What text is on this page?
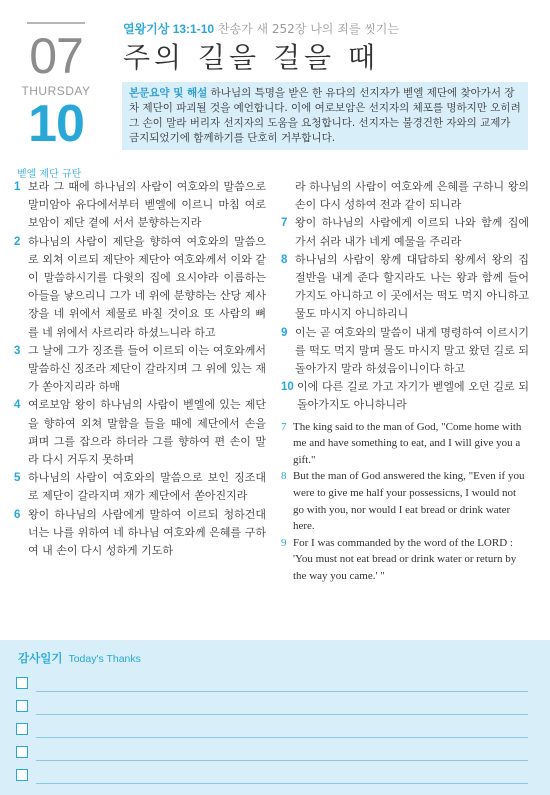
07
THURSDAY
10
열왕기상 13:1-10 찬송가 새 252장 나의 죄를 씻기는
주의 길을 걸을 때
본문요약 및 해설 하나님의 특명을 받은 한 유다의 선지자가 벧엘 제단에 찾아가서 장차 제단이 파괴될 것을 예언합니다. 이에 여로보암은 선지자의 체포를 명하지만 오히려 그 손이 말라 버리자 선지자의 도움을 요청합니다. 선지자는 불경건한 자와의 교제가 금지되었기에 함께하기를 단호히 거부합니다.
벧엘 제단 규탄
1 보라 그 때에 하나님의 사람이 여호와의 말씀으로 말미암아 유다에서부터 벧엘에 이르니 마침 여로보암이 제단 곁에 서서 분향하는지라
2 하나님의 사람이 제단을 향하여 여호와의 말씀으로 외쳐 이르되 제단아 제단아 여호와께서 이와 같이 말씀하시기를 다윗의 집에 요시야라 이름하는 아들을 낳으리니 그가 네 위에 분향하는 산당 제사장을 네 위에서 제물로 바칠 것이요 또 사람의 뼈를 네 위에서 사르리라 하셨느니라 하고
3 그 날에 그가 징조를 들어 이르되 이는 여호와께서 말씀하신 징조라 제단이 갈라지며 그 위에 있는 재가 쏟아지리라 하매
4 여로보암 왕이 하나님의 사람이 벧엘에 있는 제단을 향하여 외쳐 말함을 들을 때에 제단에서 손을 펴며 그를 잡으라 하더라 그를 향하여 편 손이 말라 다시 거두지 못하며
5 하나님의 사람이 여호와의 말씀으로 보인 징조대로 제단이 갈라지며 재가 제단에서 쏟아진지라
6 왕이 하나님의 사람에게 말하여 이르되 청하건대 너는 나를 위하여 네 하나님 여호와께 은혜를 구하여 내 손이 다시 성하게 기도하
라 하나님의 사람이 여호와께 은혜를 구하니 왕의 손이 다시 성하여 전과 같이 되니라
7 왕이 하나님의 사람에게 이르되 나와 함께 집에 가서 쉬라 내가 네게 예물을 주리라
8 하나님의 사람이 왕께 대답하되 왕께서 왕의 집 절반을 내게 준다 할지라도 나는 왕과 함께 들어가지도 아니하고 이 곳에서는 떡도 먹지 아니하고 물도 마시지 아니하리니
9 이는 곧 여호와의 말씀이 내게 명령하여 이르시기를 떡도 먹지 말며 물도 마시지 말고 왔던 길로 되돌아가지 말라 하셨음이니이다 하고
10 이에 다른 길로 가고 자기가 벧엘에 오던 길로 되돌아가지도 아니하니라
7 The king said to the man of God, "Come home with me and have something to eat, and I will give you a gift."
8 But the man of God answered the king, "Even if you were to give me half your possessicns, I would not go with you, nor would I eat bread or drink water here.
9 For I was commanded by the word of the LORD : 'You must not eat bread or drink water or return by the way you came.' "
감사일기 Today's Thanks
